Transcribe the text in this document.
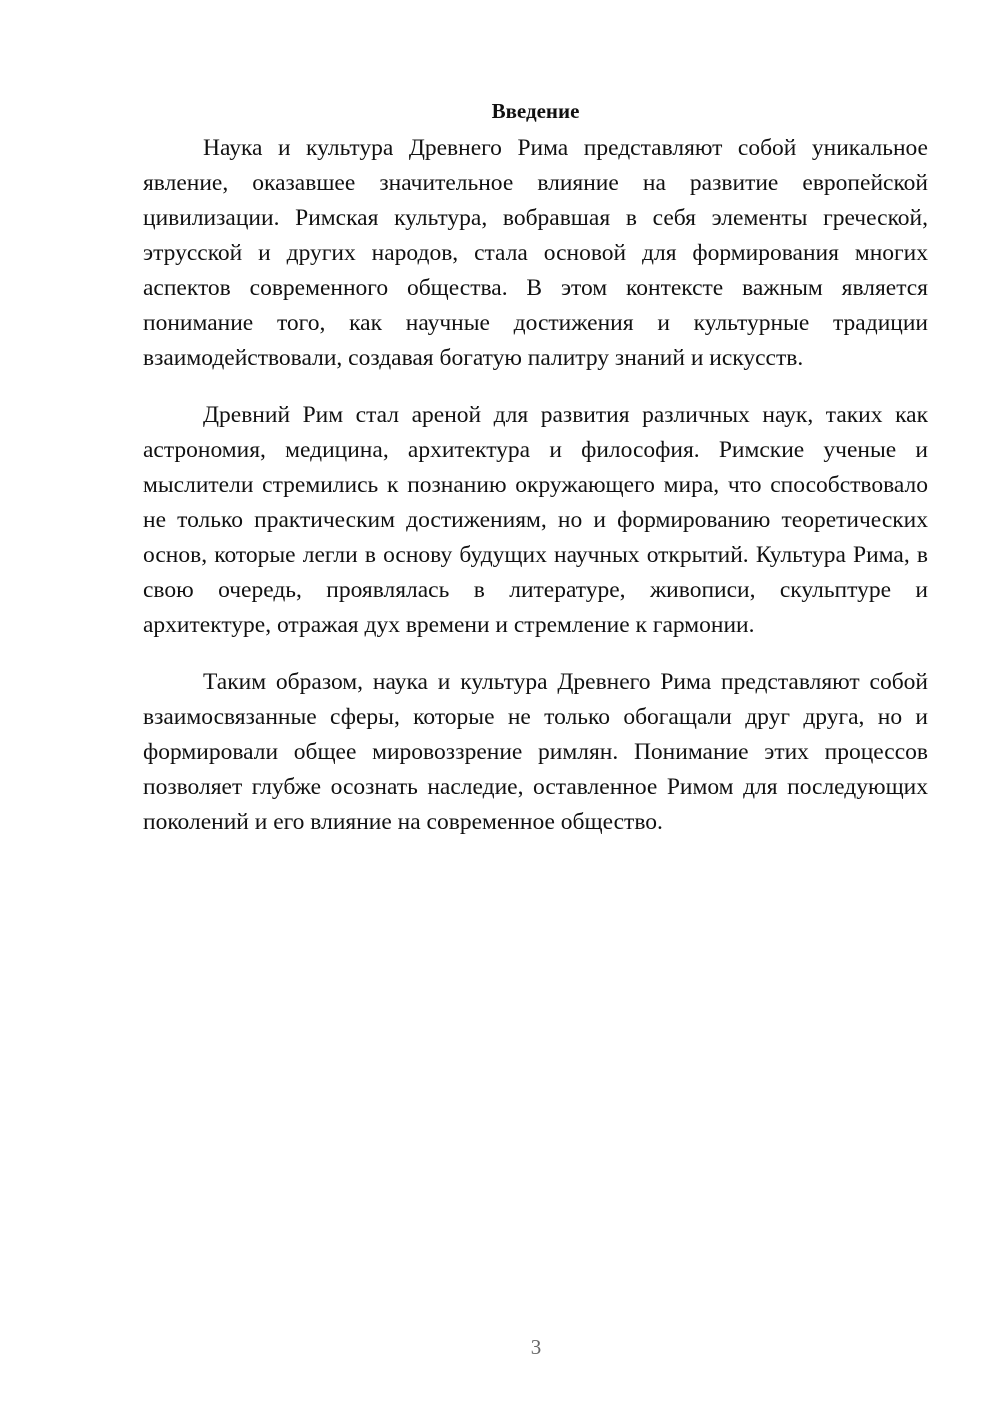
Введение

Наука и культура Древнего Рима представляют собой уникальное явление, оказавшее значительное влияние на развитие европейской цивилизации. Римская культура, вобравшая в себя элементы греческой, этрусской и других народов, стала основой для формирования многих аспектов современного общества. В этом контексте важным является понимание того, как научные достижения и культурные традиции взаимодействовали, создавая богатую палитру знаний и искусств.

Древний Рим стал ареной для развития различных наук, таких как астрономия, медицина, архитектура и философия. Римские ученые и мыслители стремились к познанию окружающего мира, что способствовало не только практическим достижениям, но и формированию теоретических основ, которые легли в основу будущих научных открытий. Культура Рима, в свою очередь, проявлялась в литературе, живописи, скульптуре и архитектуре, отражая дух времени и стремление к гармонии.

Таким образом, наука и культура Древнего Рима представляют собой взаимосвязанные сферы, которые не только обогащали друг друга, но и формировали общее мировоззрение римлян. Понимание этих процессов позволяет глубже осознать наследие, оставленное Римом для последующих поколений и его влияние на современное общество.

3
